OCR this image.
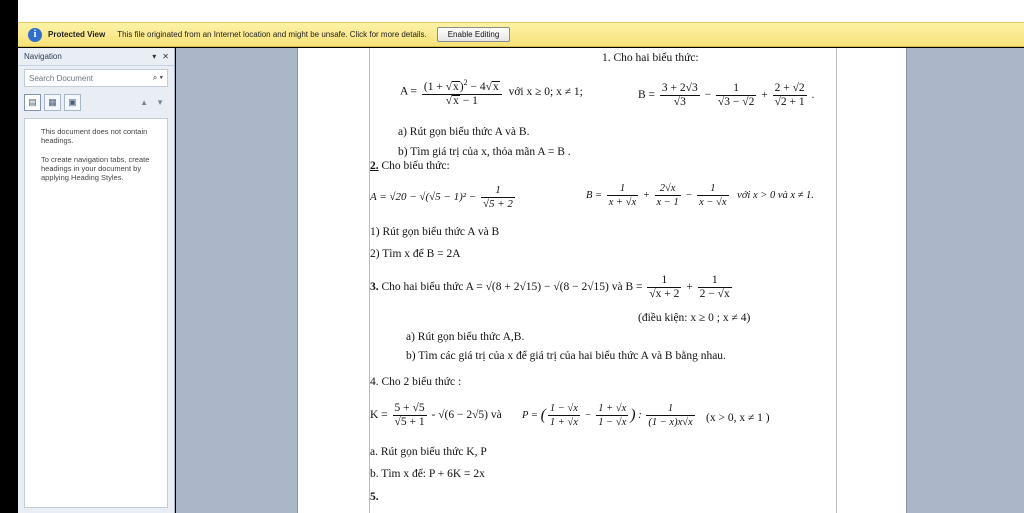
i	Protected View This file originated from an Internet location and might be unsafe. Click for more details.	Enable Editing
Navigation	▾ ✕
Search Document	⌕ ▾
▤	▦	▣	▲ ▼

This document does not contain headings.

To create navigation tabs, create headings in your document by applying Heading Styles.

1. Cho hai biểu thức:
$A = \frac{(1 + √x)^2 - 4√x}{√x - 1}$ với x ≥ 0; x ≠ 1;	$B = \frac{3 + 2√3}{√3} - \frac{1}{√3 - √2} + \frac{2 + √2}{√2 + 1}$ .
a) Rút gọn biểu thức A và B.
b) Tìm giá trị của x, thỏa mãn A = B .
2. Cho biểu thức:
$A = √20 - √(√5 - 1)^2 - \frac{1}{√5 + 2}$	$B = \frac{1}{x + √x} + \frac{2√x}{x - 1} - \frac{1}{x - √x}$ với x > 0 và x ≠ 1.
1) Rút gọn biểu thức A và B
2) Tìm x để B = 2A
3. Cho hai biểu thức A = √(8 + 2√15) − √(8 − 2√15) và $B = \frac{1}{√x + 2} + \frac{1}{2 - √x}$
(điều kiện: x ≥ 0 ; x ≠ 4)
a) Rút gọn biểu thức A,B.
b) Tìm các giá trị của x để giá trị của hai biểu thức A và B bằng nhau.
4. Cho 2 biểu thức :
$K = \frac{5 + √5}{√5 + 1} - √(6 - 2√5)$ và P = ( $\frac{1 - √x}{1 + √x} - \frac{1 + √x}{1 - √x}$ ) : $\frac{1}{(1 - x)x√x} (x > 0$, x ≠ 1 )
a. Rút gọn biểu thức K, P
b. Tìm x để: P + 6K = 2x
5.
